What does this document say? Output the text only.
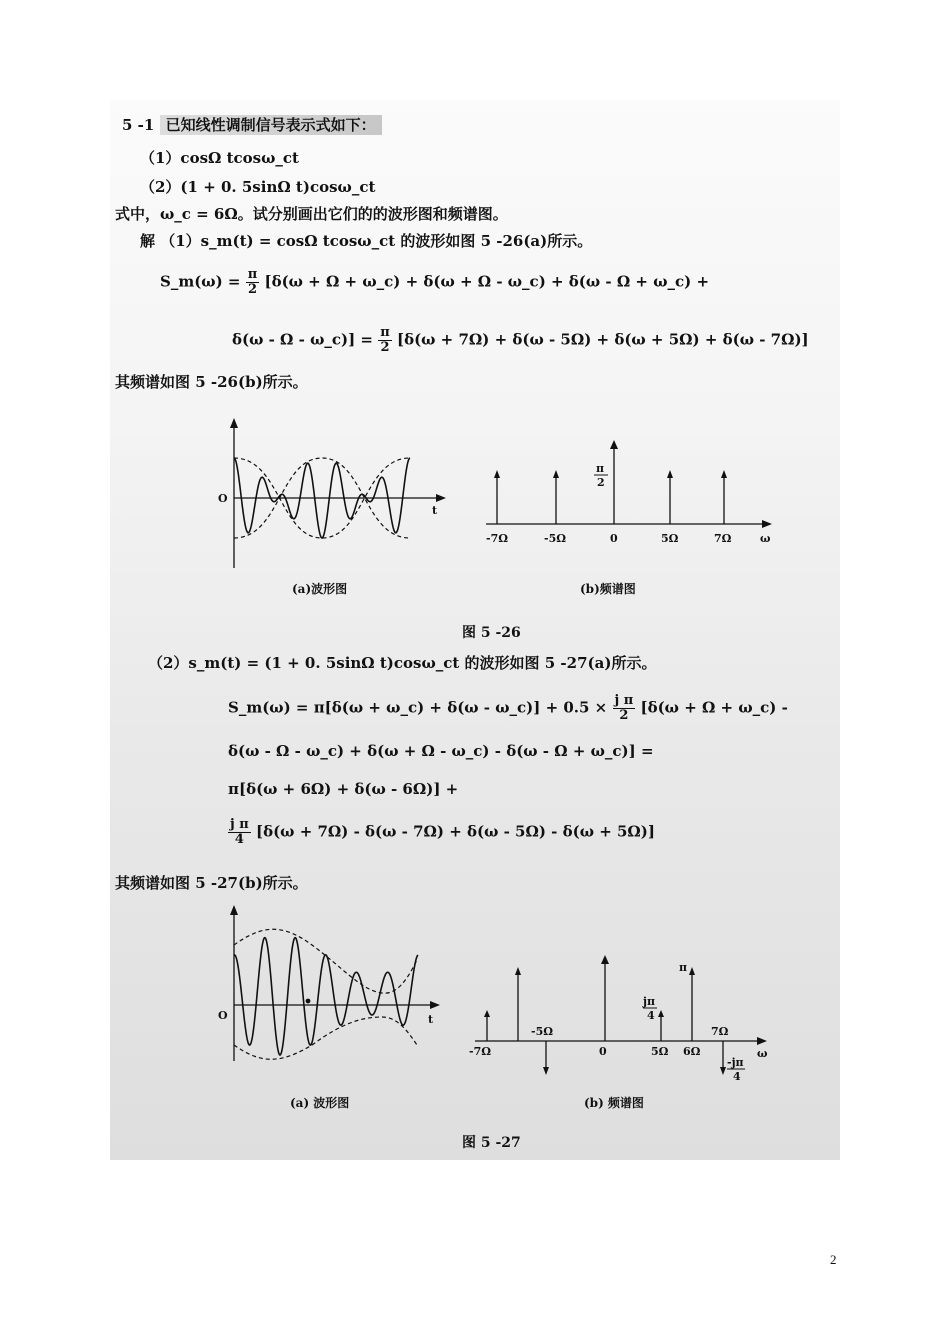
5 -1 已知线性调制信号表示式如下：
（1）cosΩ tcosω_ct
（2）(1 + 0. 5sinΩ t)cosω_ct
式中，ω_c = 6Ω。试分别画出它们的的波形图和频谱图。
解 （1）s_m(t) = cosΩ tcosω_ct 的波形如图 5 -26(a)所示。
S_m(ω) = $\frac{\pi}{2} [\delta(\omega + \Omega$ + ω_c) + δ(ω + Ω - ω_c) + δ(ω - Ω + ω_c) +
δ(ω - Ω - ω_c)] = $\frac{\pi}{2} [\delta(\omega + 7\Omega) + \delta(\omega - 5\Omega) + \delta(\omega + 5\Omega) + \delta(\omega - 7\Omega)]$
其频谱如图 5 -26(b)所示。
O
t
π
2
-7Ω	-5Ω	0	5Ω	7Ω	ω
(a)波形图	(b)频谱图
图 5 -26
（2）s_m(t) = (1 + 0. 5sinΩ t)cosω_ct 的波形如图 5 -27(a)所示。
S_m(ω) = π[δ(ω + ω_c) + δ(ω - ω_c)] + $0.5 \times \frac{\text{j π}}{2} [\delta(\omega + \Omega$ + ω_c) -
δ(ω - Ω - ω_c) + δ(ω + Ω - ω_c) - δ(ω - Ω + ω_c)] =
π[δ(ω + 6Ω) + δ(ω - 6Ω)] +
$\frac{\text{j π}}{4} [\delta(\omega + 7\Omega) - \delta(\omega - 7\Omega) + \delta(\omega - 5\Omega) - \delta(\omega + 5\Omega)]$
其频谱如图 5 -27(b)所示。
O	t
π
jπ
4
-jπ
4
-7Ω
-5Ω
0	5Ω 6Ω
7Ω
ω
(a) 波形图	(b) 频谱图
图 5 -27
2
